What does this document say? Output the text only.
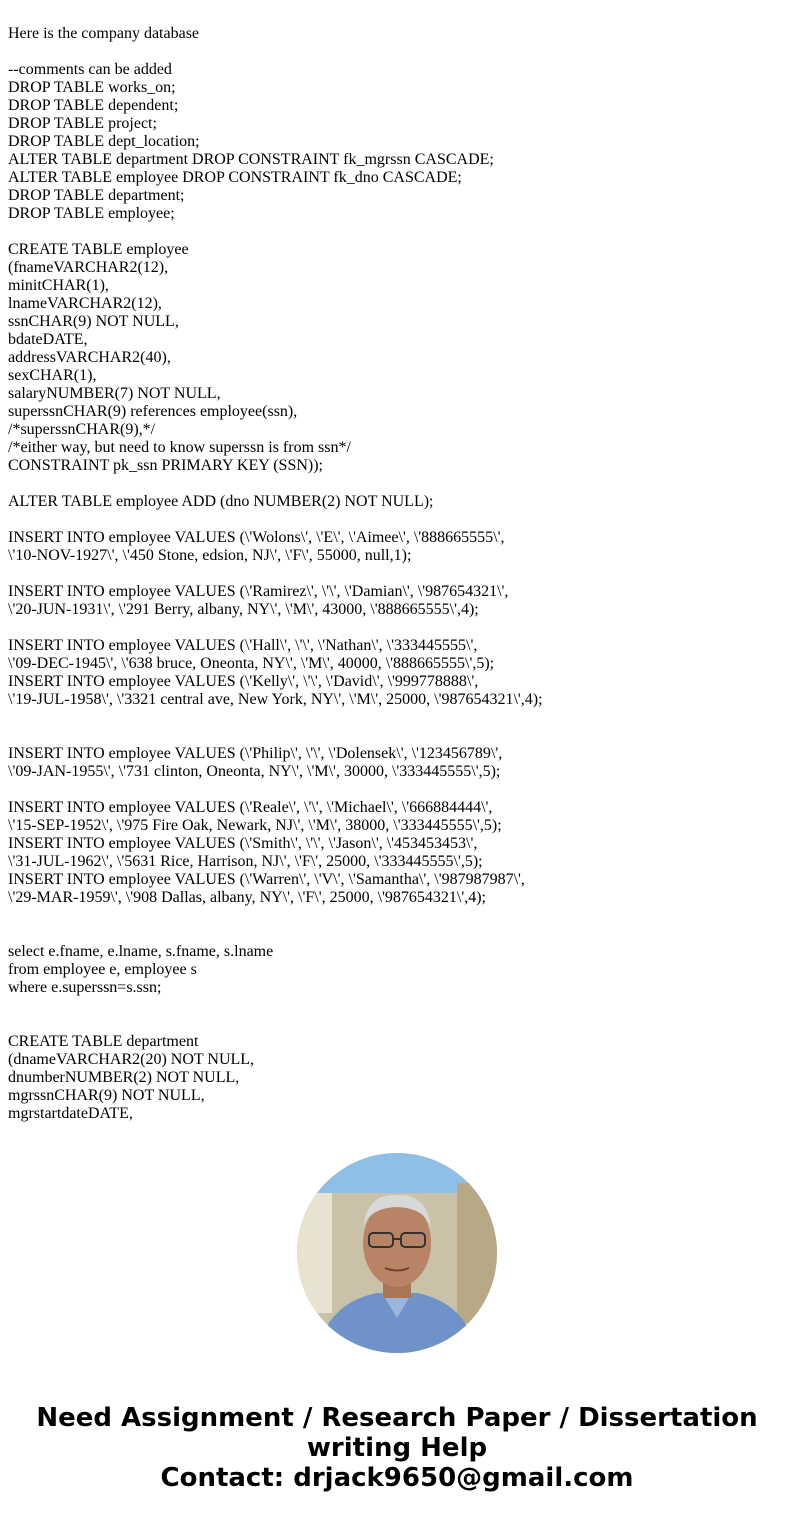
Here is the company database
--comments can be added
DROP TABLE works_on;
DROP TABLE dependent;
DROP TABLE project;
DROP TABLE dept_location;
ALTER TABLE department DROP CONSTRAINT fk_mgrssn CASCADE;
ALTER TABLE employee DROP CONSTRAINT fk_dno CASCADE;
DROP TABLE department;
DROP TABLE employee;
CREATE TABLE employee
(fnameVARCHAR2(12),
minitCHAR(1),
lnameVARCHAR2(12),
ssnCHAR(9) NOT NULL,
bdateDATE,
addressVARCHAR2(40),
sexCHAR(1),
salaryNUMBER(7) NOT NULL,
superssnCHAR(9) references employee(ssn),
/*superssnCHAR(9),*/
/*either way, but need to know superssn is from ssn*/
CONSTRAINT pk_ssn PRIMARY KEY (SSN));
ALTER TABLE employee ADD (dno NUMBER(2) NOT NULL);
INSERT INTO employee VALUES (\'Wolons\', \'E\', \'Aimee\', \'888665555\',
\'10-NOV-1927\', \'450 Stone, edsion, NJ\', \'F\', 55000, null,1);
INSERT INTO employee VALUES (\'Ramirez\', \'\', \'Damian\', \'987654321\',
\'20-JUN-1931\', \'291 Berry, albany, NY\', \'M\', 43000, \'888665555\',4);
INSERT INTO employee VALUES (\'Hall\', \'\', \'Nathan\', \'333445555\',
\'09-DEC-1945\', \'638 bruce, Oneonta, NY\', \'M\', 40000, \'888665555\',5);
INSERT INTO employee VALUES (\'Kelly\', \'\', \'David\', \'999778888\',
\'19-JUL-1958\', \'3321 central ave, New York, NY\', \'M\', 25000, \'987654321\',4);
INSERT INTO employee VALUES (\'Philip\', \'\', \'Dolensek\', \'123456789\',
\'09-JAN-1955\', \'731 clinton, Oneonta, NY\', \'M\', 30000, \'333445555\',5);
INSERT INTO employee VALUES (\'Reale\', \'\', \'Michael\', \'666884444\',
\'15-SEP-1952\', \'975 Fire Oak, Newark, NJ\', \'M\', 38000, \'333445555\',5);
INSERT INTO employee VALUES (\'Smith\', \'\', \'Jason\', \'453453453\',
\'31-JUL-1962\', \'5631 Rice, Harrison, NJ\', \'F\', 25000, \'333445555\',5);
INSERT INTO employee VALUES (\'Warren\', \'V\', \'Samantha\', \'987987987\',
\'29-MAR-1959\', \'908 Dallas, albany, NY\', \'F\', 25000, \'987654321\',4);
select e.fname, e.lname, s.fname, s.lname
from employee e, employee s
where e.superssn=s.ssn;
CREATE TABLE department
(dnameVARCHAR2(20) NOT NULL,
dnumberNUMBER(2) NOT NULL,
mgrssnCHAR(9) NOT NULL,
mgrstartdateDATE,
Need Assignment / Research Paper / Dissertation
writing Help
Contact: drjack9650@gmail.com
